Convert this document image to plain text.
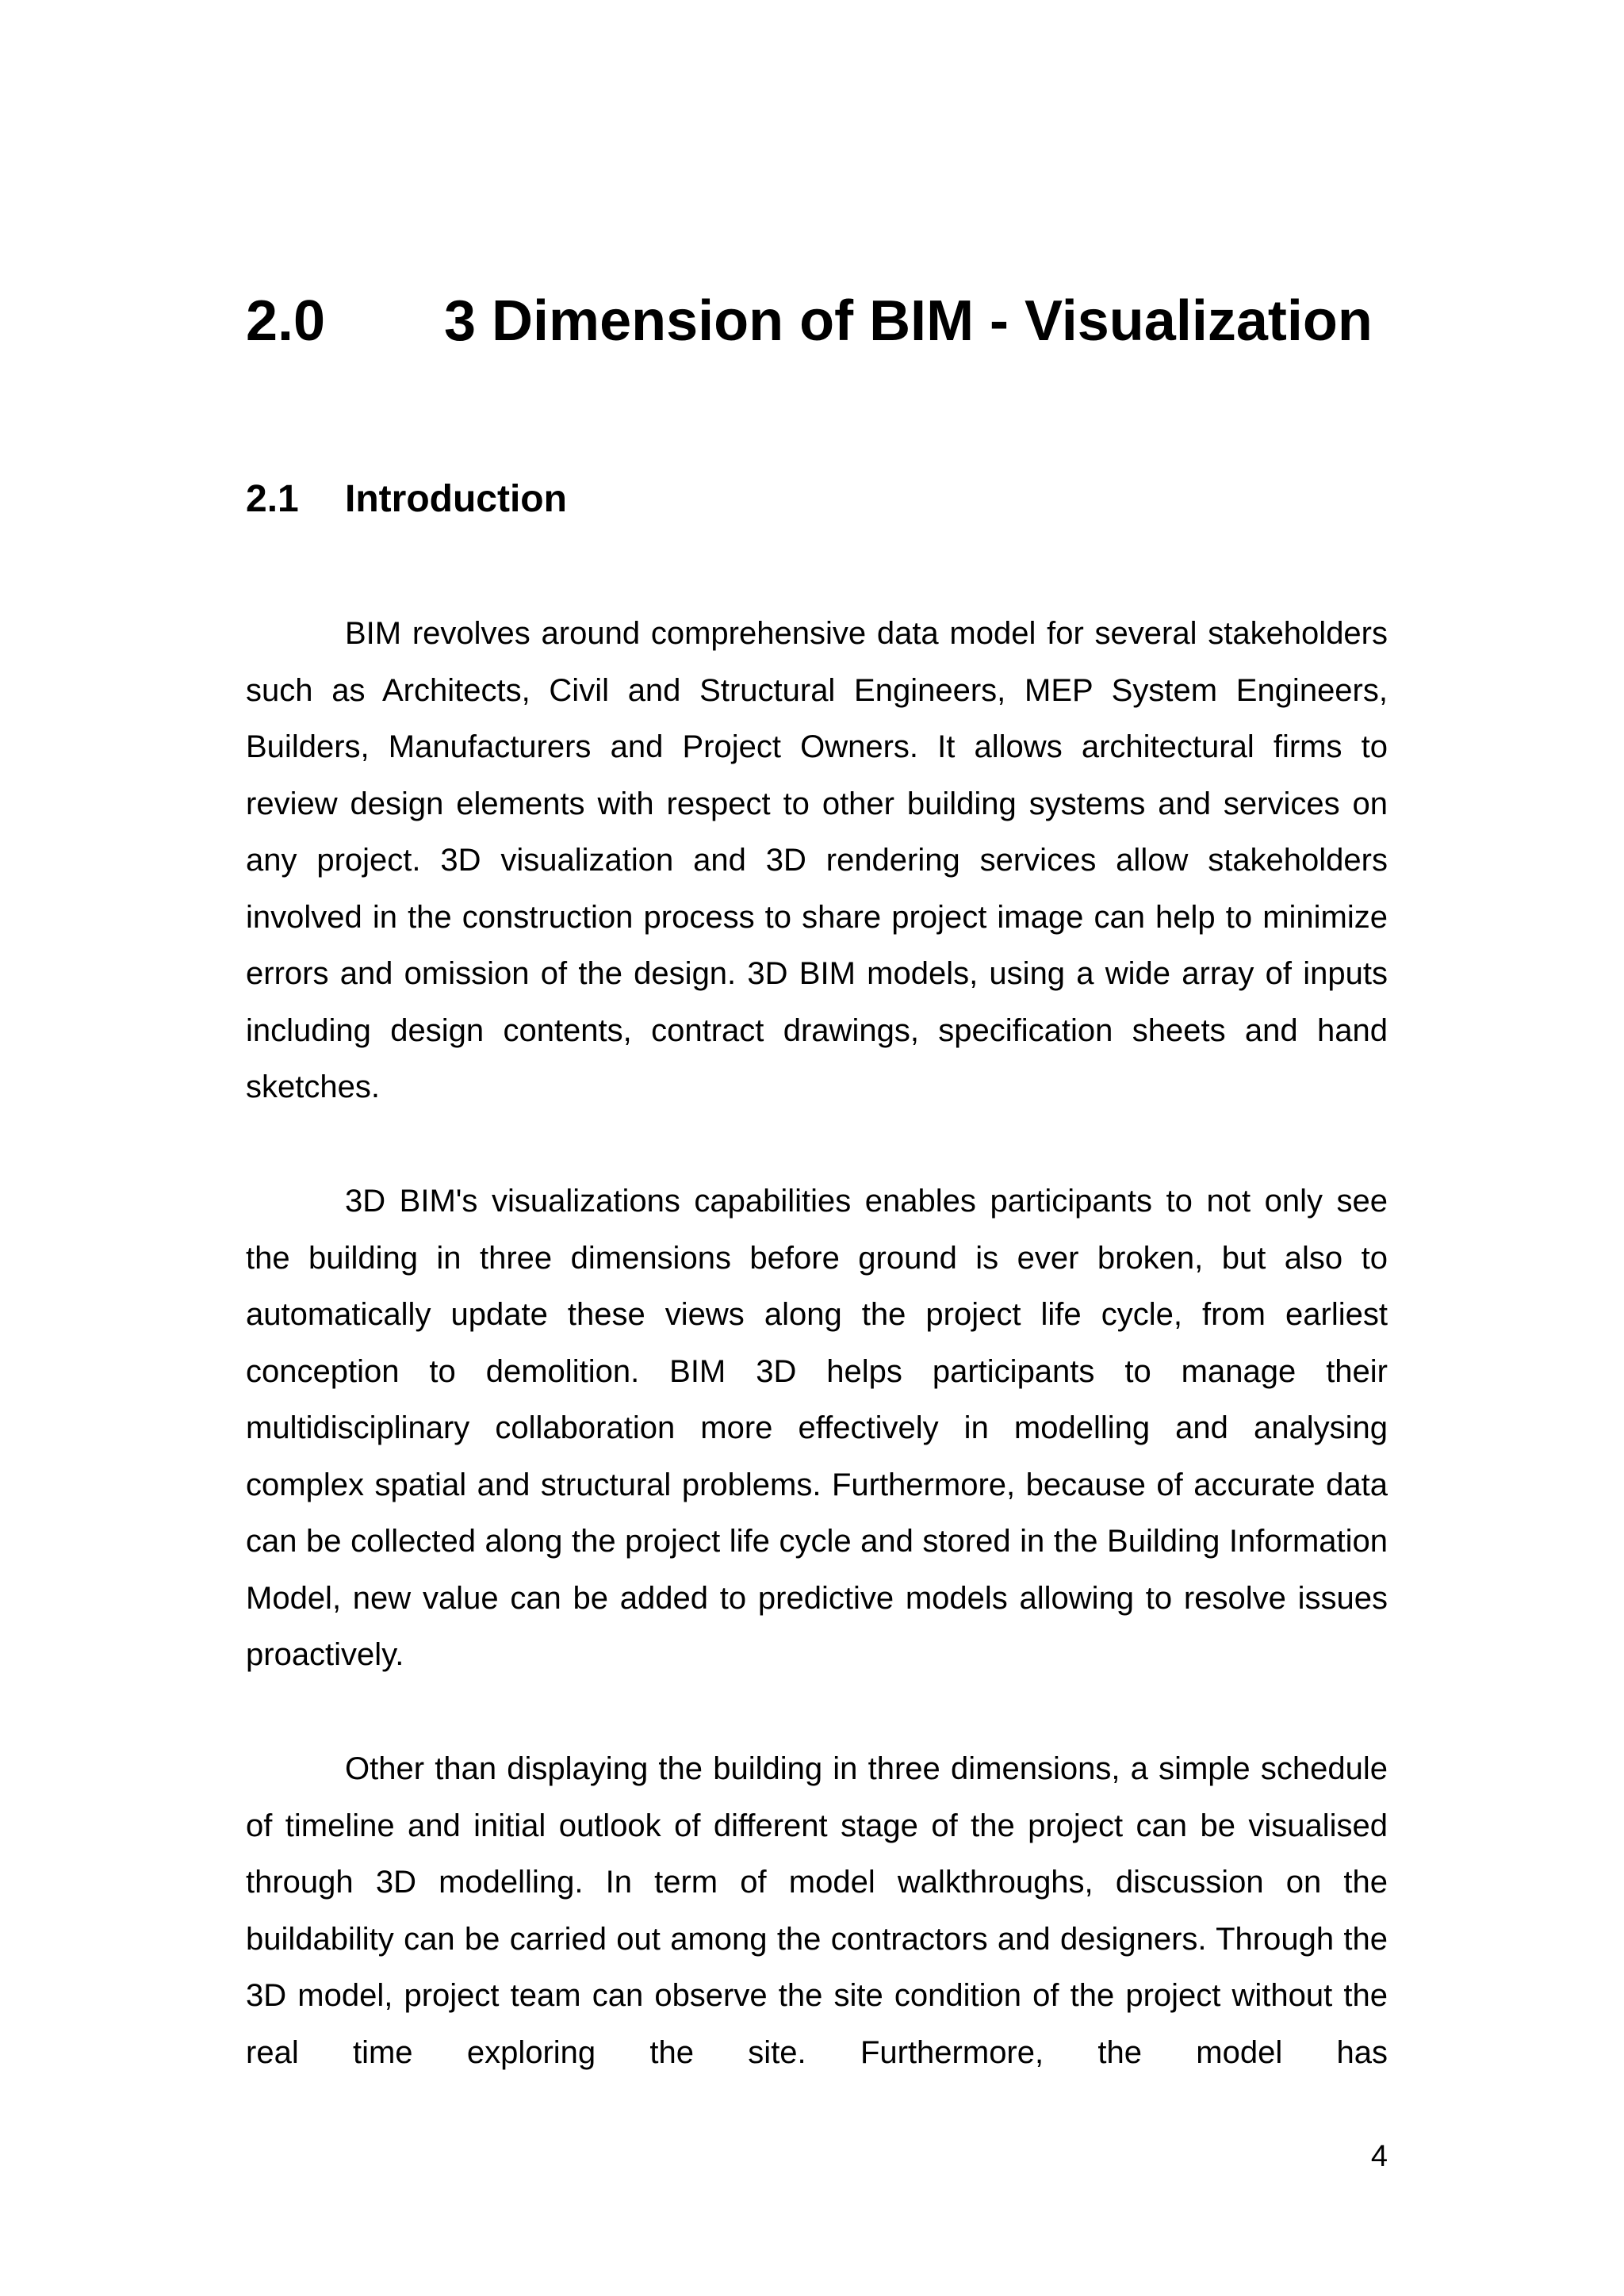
2.0 3 Dimension of BIM - Visualization
2.1 Introduction

BIM revolves around comprehensive data model for several stakeholders such as Architects, Civil and Structural Engineers, MEP System Engineers, Builders, Manufacturers and Project Owners. It allows architectural firms to review design elements with respect to other building systems and services on any project. 3D visualization and 3D rendering services allow stakeholders involved in the construction process to share project image can help to minimize errors and omission of the design. 3D BIM models, using a wide array of inputs including design contents, contract drawings, specification sheets and hand sketches.

3D BIM's visualizations capabilities enables participants to not only see the building in three dimensions before ground is ever broken, but also to automatically update these views along the project life cycle, from earliest conception to demolition. BIM 3D helps participants to manage their multidisciplinary collaboration more effectively in modelling and analysing complex spatial and structural problems. Furthermore, because of accurate data can be collected along the project life cycle and stored in the Building Information Model, new value can be added to predictive models allowing to resolve issues proactively.

Other than displaying the building in three dimensions, a simple schedule of timeline and initial outlook of different stage of the project can be visualised through 3D modelling. In term of model walkthroughs, discussion on the buildability can be carried out among the contractors and designers. Through the 3D model, project team can observe the site condition of the project without the real time exploring the site. Furthermore, the model has

4
